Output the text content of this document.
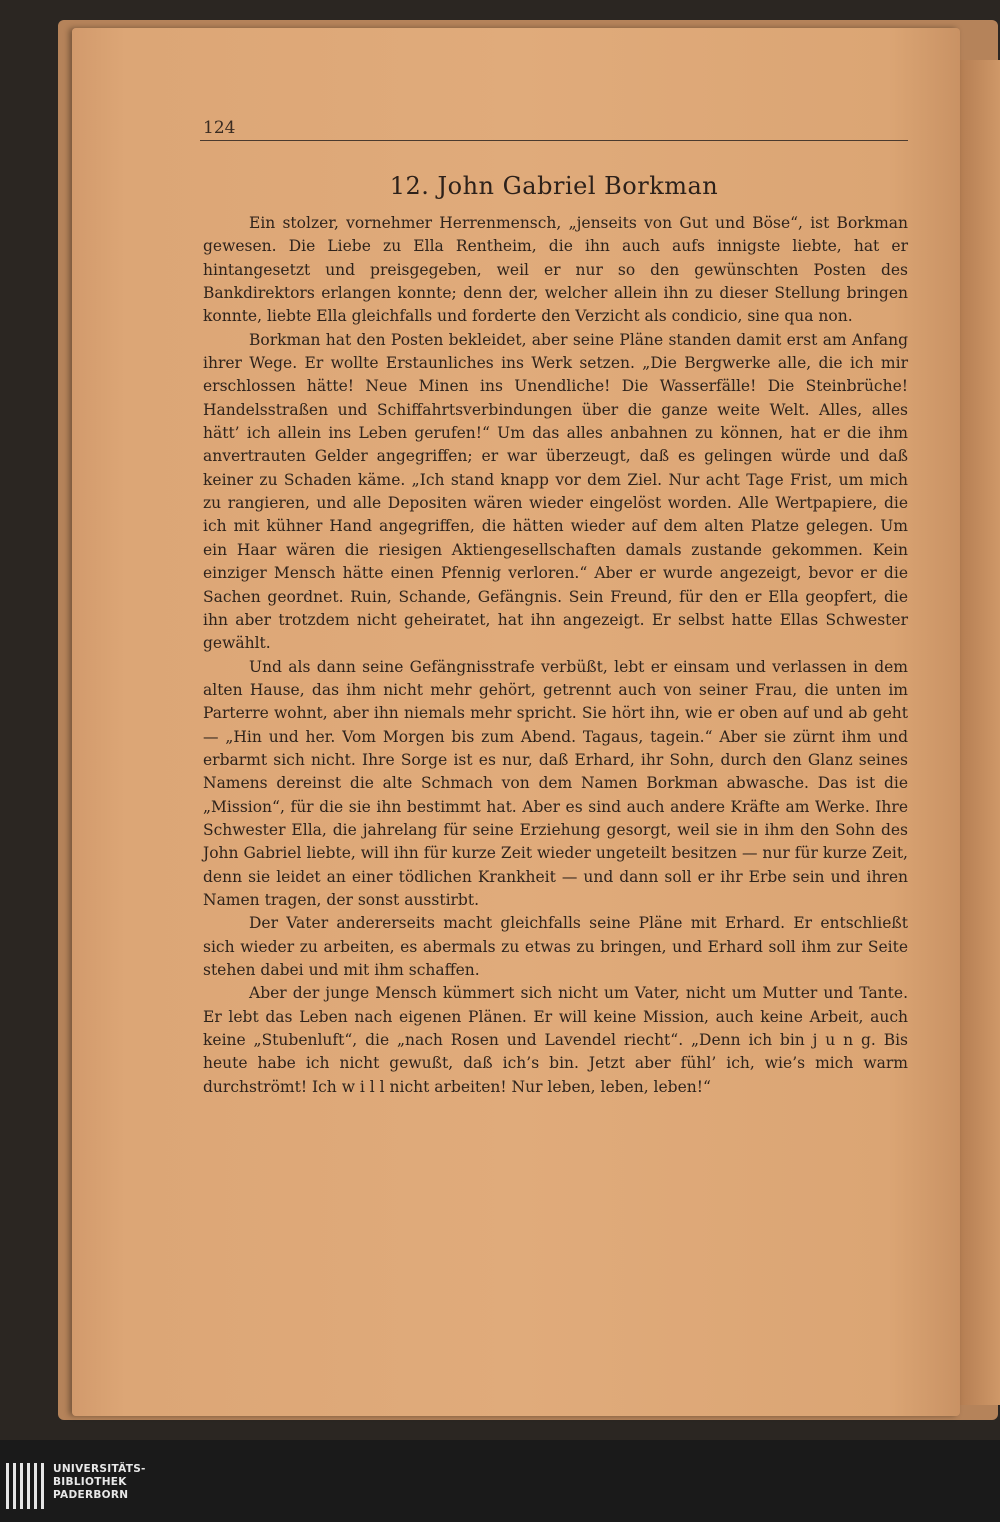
124
12. John Gabriel Borkman

Ein stolzer, vornehmer Herrenmensch, „jenseits von Gut und Böse“, ist Borkman gewesen. Die Liebe zu Ella Rentheim, die ihn auch aufs innigste liebte, hat er hintangesetzt und preisgegeben, weil er nur so den gewünschten Posten des Bankdirektors erlangen konnte; denn der, welcher allein ihn zu dieser Stellung bringen konnte, liebte Ella gleichfalls und forderte den Verzicht als condicio, sine qua non.

Borkman hat den Posten bekleidet, aber seine Pläne standen damit erst am Anfang ihrer Wege. Er wollte Erstaunliches ins Werk setzen. „Die Bergwerke alle, die ich mir erschlossen hätte! Neue Minen ins Unendliche! Die Wasserfälle! Die Steinbrüche! Handelsstraßen und Schiffahrtsverbindungen über die ganze weite Welt. Alles, alles hätt’ ich allein ins Leben gerufen!“ Um das alles anbahnen zu können, hat er die ihm anvertrauten Gelder angegriffen; er war überzeugt, daß es gelingen würde und daß keiner zu Schaden käme. „Ich stand knapp vor dem Ziel. Nur acht Tage Frist, um mich zu rangieren, und alle Depositen wären wieder eingelöst worden. Alle Wertpapiere, die ich mit kühner Hand angegriffen, die hätten wieder auf dem alten Platze gelegen. Um ein Haar wären die riesigen Aktiengesellschaften damals zustande gekommen. Kein einziger Mensch hätte einen Pfennig verloren.“ Aber er wurde angezeigt, bevor er die Sachen geordnet. Ruin, Schande, Gefängnis. Sein Freund, für den er Ella geopfert, die ihn aber trotzdem nicht geheiratet, hat ihn angezeigt. Er selbst hatte Ellas Schwester gewählt.

Und als dann seine Gefängnisstrafe verbüßt, lebt er einsam und verlassen in dem alten Hause, das ihm nicht mehr gehört, getrennt auch von seiner Frau, die unten im Parterre wohnt, aber ihn niemals mehr spricht. Sie hört ihn, wie er oben auf und ab geht — „Hin und her. Vom Morgen bis zum Abend. Tagaus, tagein.“ Aber sie zürnt ihm und erbarmt sich nicht. Ihre Sorge ist es nur, daß Erhard, ihr Sohn, durch den Glanz seines Namens dereinst die alte Schmach von dem Namen Borkman abwasche. Das ist die „Mission“, für die sie ihn bestimmt hat. Aber es sind auch andere Kräfte am Werke. Ihre Schwester Ella, die jahrelang für seine Erziehung gesorgt, weil sie in ihm den Sohn des John Gabriel liebte, will ihn für kurze Zeit wieder ungeteilt besitzen — nur für kurze Zeit, denn sie leidet an einer tödlichen Krankheit — und dann soll er ihr Erbe sein und ihren Namen tragen, der sonst ausstirbt.

Der Vater andererseits macht gleichfalls seine Pläne mit Erhard. Er entschließt sich wieder zu arbeiten, es abermals zu etwas zu bringen, und Erhard soll ihm zur Seite stehen dabei und mit ihm schaffen.

Aber der junge Mensch kümmert sich nicht um Vater, nicht um Mutter und Tante. Er lebt das Leben nach eigenen Plänen. Er will keine Mission, auch keine Arbeit, auch keine „Stubenluft“, die „nach Rosen und Lavendel riecht“. „Denn ich bin j u n g. Bis heute habe ich nicht gewußt, daß ich’s bin. Jetzt aber fühl’ ich, wie’s mich warm durchströmt! Ich w i l l nicht arbeiten! Nur leben, leben, leben!“

UNIVERSITÄTS-
BIBLIOTHEK
PADERBORN
